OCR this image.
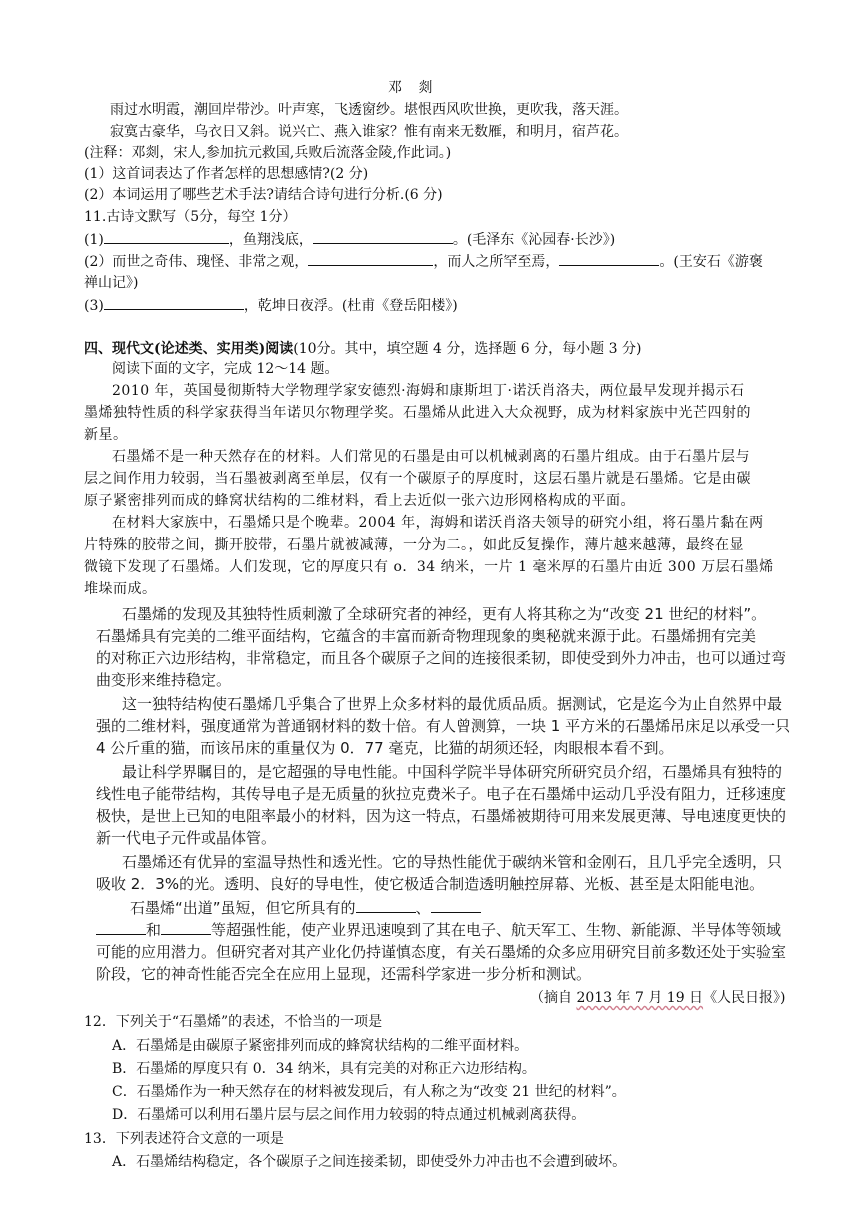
邓 剡
雨过水明霞，潮回岸带沙。叶声寒，飞透窗纱。堪恨西风吹世换，更吹我，落天涯。
寂寞古豪华，乌衣日又斜。说兴亡、燕入谁家？惟有南来无数雁，和明月，宿芦花。
(注释：邓剡，宋人,参加抗元救国,兵败后流落金陵,作此词。)
(1）这首词表达了作者怎样的思想感情?(2 分)
(2）本词运用了哪些艺术手法?请结合诗句进行分析.(6 分)
11.古诗文默写（5分，每空 1分）
(1)	，鱼翔浅底，	。(毛泽东《沁园春·长沙》)
(2）而世之奇伟、瑰怪、非常之观，	，而人之所罕至焉，	。(王安石《游褒
禅山记》)
(3)	，乾坤日夜浮。(杜甫《登岳阳楼》)
四、现代文(论述类、实用类)阅读(10分。其中，填空题 4 分，选择题 6 分，每小题 3 分)
阅读下面的文字，完成 12～14 题。
2010 年，英国曼彻斯特大学物理学家安德烈·海姆和康斯坦丁·诺沃肖洛夫，两位最早发现并揭示石
墨烯独特性质的科学家获得当年诺贝尔物理学奖。石墨烯从此进入大众视野，成为材料家族中光芒四射的
新星。
石墨烯不是一种天然存在的材料。人们常见的石墨是由可以机械剥离的石墨片组成。由于石墨片层与
层之间作用力较弱，当石墨被剥离至单层，仅有一个碳原子的厚度时，这层石墨片就是石墨烯。它是由碳
原子紧密排列而成的蜂窝状结构的二维材料，看上去近似一张六边形网格构成的平面。
在材料大家族中，石墨烯只是个晚辈。2004 年，海姆和诺沃肖洛夫领导的研究小组，将石墨片黏在两
片特殊的胶带之间，撕开胶带，石墨片就被减薄，一分为二。，如此反复操作，薄片越来越薄，最终在显
微镜下发现了石墨烯。人们发现，它的厚度只有 o．34 纳米，一片 1 毫米厚的石墨片由近 300 万层石墨烯
堆垛而成。
石墨烯的发现及其独特性质刺激了全球研究者的神经，更有人将其称之为“改变 21 世纪的材料”。
石墨烯具有完美的二维平面结构，它蕴含的丰富而新奇物理现象的奥秘就来源于此。石墨烯拥有完美
的对称正六边形结构，非常稳定，而且各个碳原子之间的连接很柔韧，即使受到外力冲击，也可以通过弯
曲变形来维持稳定。
这一独特结构使石墨烯几乎集合了世界上众多材料的最优质品质。据测试，它是迄今为止自然界中最
强的二维材料，强度通常为普通钢材料的数十倍。有人曾测算，一块 1 平方米的石墨烯吊床足以承受一只
4 公斤重的猫，而该吊床的重量仅为 0．77 毫克，比猫的胡须还轻，肉眼根本看不到。
最让科学界瞩目的，是它超强的导电性能。中国科学院半导体研究所研究员介绍，石墨烯具有独特的
线性电子能带结构，其传导电子是无质量的狄拉克费米子。电子在石墨烯中运动几乎没有阻力，迁移速度
极快，是世上已知的电阻率最小的材料，因为这一特点，石墨烯被期待可用来发展更薄、导电速度更快的
新一代电子元件或晶体管。
石墨烯还有优异的室温导热性和透光性。它的导热性能优于碳纳米管和金刚石，且几乎完全透明，只
吸收 2．3%的光。透明、良好的导电性，使它极适合制造透明触控屏幕、光板、甚至是太阳能电池。
石墨烯“出道”虽短，但它所具有的	、
和	等超强性能，使产业界迅速嗅到了其在电子、航天军工、生物、新能源、半导体等领域
可能的应用潜力。但研究者对其产业化仍持谨慎态度，有关石墨烯的众多应用研究目前多数还处于实验室
阶段，它的神奇性能否完全在应用上显现，还需科学家进一步分析和测试。
（摘自 2013 年 7 月 19 日《人民日报》)
12．下列关于“石墨烯”的表述，不恰当的一项是
A．石墨烯是由碳原子紧密排列而成的蜂窝状结构的二维平面材料。
B．石墨烯的厚度只有 0．34 纳米，具有完美的对称正六边形结构。
C．石墨烯作为一种天然存在的材料被发现后，有人称之为“改变 21 世纪的材料”。
D．石墨烯可以利用石墨片层与层之间作用力较弱的特点通过机械剥离获得。
13．下列表述符合文意的一项是
A．石墨烯结构稳定，各个碳原子之间连接柔韧，即使受外力冲击也不会遭到破坏。
